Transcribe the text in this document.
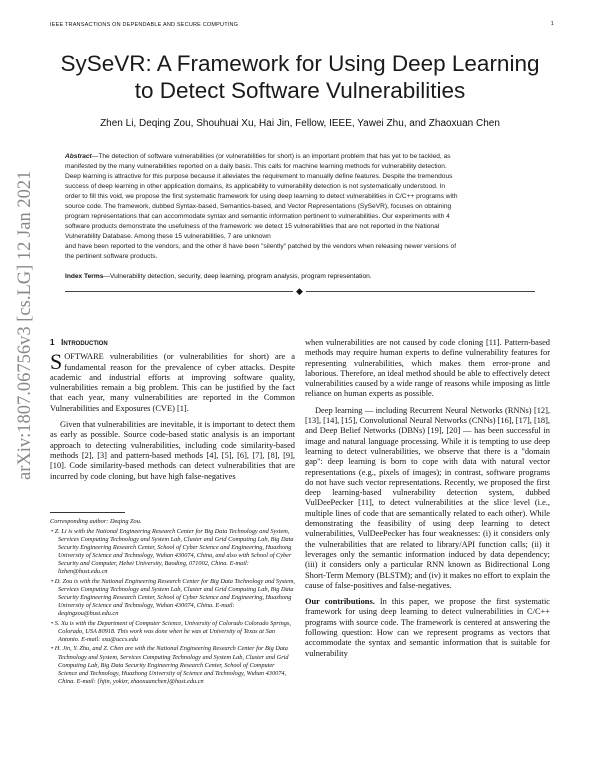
IEEE TRANSACTIONS ON DEPENDABLE AND SECURE COMPUTING	1
SySeVR: A Framework for Using Deep Learning
to Detect Software Vulnerabilities
Zhen Li, Deqing Zou, Shouhuai Xu, Hai Jin, Fellow, IEEE, Yawei Zhu, and Zhaoxuan Chen
Abstract—The detection of software vulnerabilities (or vulnerabilities for short) is an important problem that has yet to be tackled, as
manifested by the many vulnerabilities reported on a daily basis. This calls for machine learning methods for vulnerability detection.
Deep learning is attractive for this purpose because it alleviates the requirement to manually define features. Despite the tremendous
success of deep learning in other application domains, its applicability to vulnerability detection is not systematically understood. In
order to fill this void, we propose the first systematic framework for using deep learning to detect vulnerabilities in C/C++ programs with
source code. The framework, dubbed Syntax-based, Semantics-based, and Vector Representations (SySeVR), focuses on obtaining
program representations that can accommodate syntax and semantic information pertinent to vulnerabilities. Our experiments with 4
software products demonstrate the usefulness of the framework: we detect 15 vulnerabilities that are not reported in the National
Vulnerability Database. Among these 15 vulnerabilities, 7 are unknown
and have been reported to the vendors, and the other 8 have been "silently" patched by the vendors when releasing newer versions of
the pertinent software products.
Index Terms—Vulnerability detection, security, deep learning, program analysis, program representation.
◆
arXiv:1807.06756v3 [cs.LG] 12 Jan 2021 1 Introduction

SOFTWARE vulnerabilities (or vulnerabilities for short) are a fundamental reason for the prevalence of cyber attacks. Despite academic and industrial efforts at improving software quality, vulnerabilities remain a big problem. This can be justified by the fact that each year, many vulnerabilities are reported in the Common Vulnerabilities and Exposures (CVE) [1].

Given that vulnerabilities are inevitable, it is important to detect them as early as possible. Source code-based static analysis is an important approach to detecting vulnerabilities, including code similarity-based methods [2], [3] and pattern-based methods [4], [5], [6], [7], [8], [9], [10]. Code similarity-based methods can detect vulnerabilities that are incurred by code cloning, but have high false-negatives

Corresponding author: Deqing Zou.

• Z. Li is with the National Engineering Research Center for Big Data Technology and System, Services Computing Technology and System Lab, Cluster and Grid Computing Lab, Big Data Security Engineering Research Center, School of Cyber Science and Engineering, Huazhong University of Science and Technology, Wuhan 430074, China, and also with School of Cyber Security and Computer, Hebei University, Baoding, 071002, China. E-mail: lizhen@hust.edu.cn

• D. Zou is with the National Engineering Research Center for Big Data Technology and System, Services Computing Technology and System Lab, Cluster and Grid Computing Lab, Big Data Security Engineering Research Center, School of Cyber Science and Engineering, Huazhong University of Science and Technology, Wuhan 430074, China. E-mail: deqingzou@hust.edu.cn

• S. Xu is with the Department of Computer Science, University of Colorado Colorado Springs, Colorado, USA 80918. This work was done when he was at University of Texas at San Antonio. E-mail: sxu@uccs.edu

• H. Jin, Y. Zhu, and Z. Chen are with the National Engineering Research Center for Big Data Technology and System, Services Computing Technology and System Lab, Cluster and Grid Computing Lab, Big Data Security Engineering Research Center, School of Computer Science and Technology, Huazhong University of Science and Technology, Wuhan 430074, China. E-mail: {hjin, yokizr, zhaoxuanchen}@hust.edu.cn

when vulnerabilities are not caused by code cloning [11]. Pattern-based methods may require human experts to define vulnerability features for representing vulnerabilities, which makes them error-prone and laborious. Therefore, an ideal method should be able to effectively detect vulnerabilities caused by a wide range of reasons while imposing as little reliance on human experts as possible.

Deep learning — including Recurrent Neural Networks (RNNs) [12], [13], [14], [15], Convolutional Neural Networks (CNNs) [16], [17], [18], and Deep Belief Networks (DBNs) [19], [20] — has been successful in image and natural language processing. While it is tempting to use deep learning to detect vulnerabilities, we observe that there is a "domain gap": deep learning is born to cope with data with natural vector representations (e.g., pixels of images); in contrast, software programs do not have such vector representations. Recently, we proposed the first deep learning-based vulnerability detection system, dubbed VulDeePecker [11], to detect vulnerabilities at the slice level (i.e., multiple lines of code that are semantically related to each other). While demonstrating the feasibility of using deep learning to detect vulnerabilities, VulDeePecker has four weaknesses: (i) it considers only the vulnerabilities that are related to library/API function calls; (ii) it leverages only the semantic information induced by data dependency; (iii) it considers only a particular RNN known as Bidirectional Long Short-Term Memory (BLSTM); and (iv) it makes no effort to explain the cause of false-positives and false-negatives.

Our contributions. In this paper, we propose the first systematic framework for using deep learning to detect vulnerabilities in C/C++ programs with source code. The framework is centered at answering the following question: How can we represent programs as vectors that accommodate the syntax and semantic information that is suitable for vulnerability
